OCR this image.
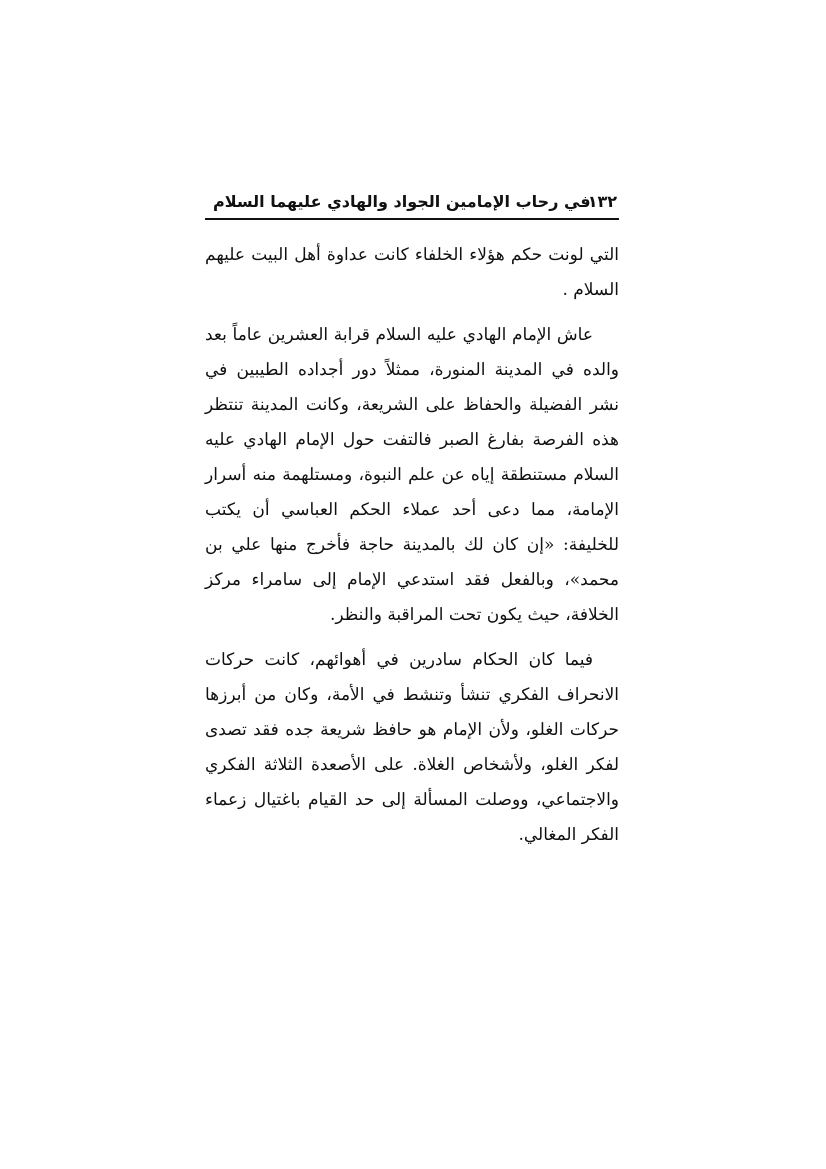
١٣٢
في رحاب الإمامين الجواد والهادي عليهما السلام

التي لونت حكم هؤلاء الخلفاء كانت عداوة أهل البيت عليهم السلام .

عاش الإمام الهادي عليه السلام قرابة العشرين عاماً بعد والده في المدينة المنورة، ممثلاً دور أجداده الطيبين في نشر الفضيلة والحفاظ على الشريعة، وكانت المدينة تنتظر هذه الفرصة بفارغ الصبر فالتفت حول الإمام الهادي عليه السلام مستنطقة إياه عن علم النبوة، ومستلهمة منه أسرار الإمامة، مما دعى أحد عملاء الحكم العباسي أن يكتب للخليفة: «إن كان لك بالمدينة حاجة فأخرج منها علي بن محمد»، وبالفعل فقد استدعي الإمام إلى سامراء مركز الخلافة، حيث يكون تحت المراقبة والنظر.

فيما كان الحكام سادرين في أهوائهم، كانت حركات الانحراف الفكري تنشأ وتنشط في الأمة، وكان من أبرزها حركات الغلو، ولأن الإمام هو حافظ شريعة جده فقد تصدى لفكر الغلو، ولأشخاص الغلاة. على الأصعدة الثلاثة الفكري والاجتماعي، ووصلت المسألة إلى حد القيام باغتيال زعماء الفكر المغالي.
